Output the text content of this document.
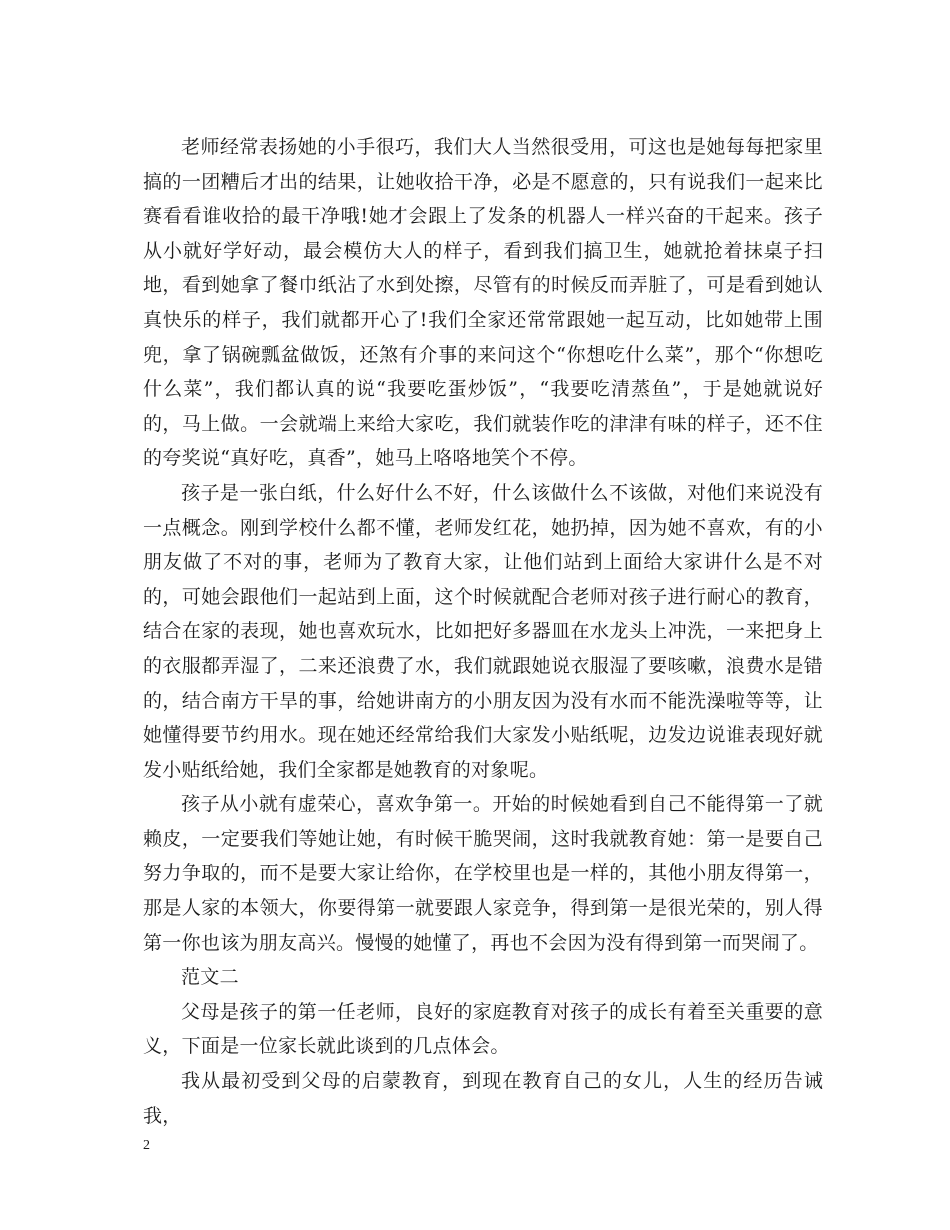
老师经常表扬她的小手很巧，我们大人当然很受用，可这也是她每每把家里搞的一团糟后才出的结果，让她收拾干净，必是不愿意的，只有说我们一起来比赛看看谁收拾的最干净哦!她才会跟上了发条的机器人一样兴奋的干起来。孩子从小就好学好动，最会模仿大人的样子，看到我们搞卫生，她就抢着抹桌子扫地，看到她拿了餐巾纸沾了水到处擦，尽管有的时候反而弄脏了，可是看到她认真快乐的样子，我们就都开心了!我们全家还常常跟她一起互动，比如她带上围兜，拿了锅碗瓢盆做饭，还煞有介事的来问这个“你想吃什么菜”，那个“你想吃什么菜”，我们都认真的说“我要吃蛋炒饭”，“我要吃清蒸鱼”，于是她就说好的，马上做。一会就端上来给大家吃，我们就装作吃的津津有味的样子，还不住的夸奖说“真好吃，真香”，她马上咯咯地笑个不停。

孩子是一张白纸，什么好什么不好，什么该做什么不该做，对他们来说没有一点概念。刚到学校什么都不懂，老师发红花，她扔掉，因为她不喜欢，有的小朋友做了不对的事，老师为了教育大家，让他们站到上面给大家讲什么是不对的，可她会跟他们一起站到上面，这个时候就配合老师对孩子进行耐心的教育，结合在家的表现，她也喜欢玩水，比如把好多器皿在水龙头上冲洗，一来把身上的衣服都弄湿了，二来还浪费了水，我们就跟她说衣服湿了要咳嗽，浪费水是错的，结合南方干旱的事，给她讲南方的小朋友因为没有水而不能洗澡啦等等，让她懂得要节约用水。现在她还经常给我们大家发小贴纸呢，边发边说谁表现好就发小贴纸给她，我们全家都是她教育的对象呢。

孩子从小就有虚荣心，喜欢争第一。开始的时候她看到自己不能得第一了就赖皮，一定要我们等她让她，有时候干脆哭闹，这时我就教育她：第一是要自己努力争取的，而不是要大家让给你，在学校里也是一样的，其他小朋友得第一，那是人家的本领大，你要得第一就要跟人家竞争，得到第一是很光荣的，别人得第一你也该为朋友高兴。慢慢的她懂了，再也不会因为没有得到第一而哭闹了。

范文二

父母是孩子的第一任老师，良好的家庭教育对孩子的成长有着至关重要的意义，下面是一位家长就此谈到的几点体会。

我从最初受到父母的启蒙教育，到现在教育自己的女儿，人生的经历告诫我，

2
